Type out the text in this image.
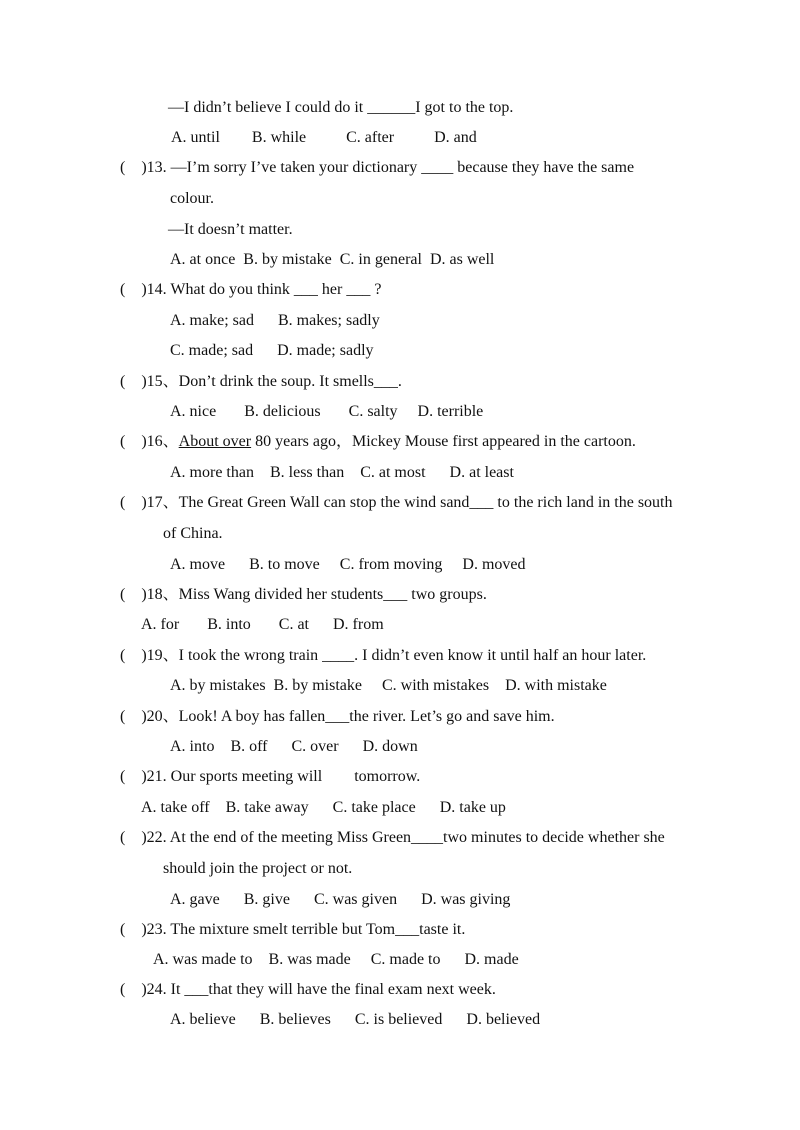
—I didn’t believe I could do it ______I got to the top.
A. until        B. while          C. after          D. and
(    )13. —I’m sorry I’ve taken your dictionary ____ because they have the same
colour.
—It doesn’t matter.
A. at once  B. by mistake  C. in general  D. as well
(    )14. What do you think ___ her ___ ?
A. make; sad      B. makes; sadly
C. made; sad      D. made; sadly
(    )15、Don’t drink the soup. It smells___.
A. nice       B. delicious       C. salty     D. terrible
(    )16、About over 80 years ago，Mickey Mouse first appeared in the cartoon.
A. more than    B. less than    C. at most      D. at least
(    )17、The Great Green Wall can stop the wind sand___ to the rich land in the south
of China.
A. move      B. to move     C. from moving     D. moved
(    )18、Miss Wang divided her students___ two groups.
A. for       B. into       C. at      D. from
(    )19、I took the wrong train ____. I didn’t even know it until half an hour later.
A. by mistakes  B. by mistake     C. with mistakes    D. with mistake
(    )20、Look! A boy has fallen___the river. Let’s go and save him.
A. into    B. off      C. over      D. down
(    )21. Our sports meeting will        tomorrow.
A. take off    B. take away      C. take place      D. take up
(    )22. At the end of the meeting Miss Green____two minutes to decide whether she
should join the project or not.
A. gave      B. give      C. was given      D. was giving
(    )23. The mixture smelt terrible but Tom___taste it.
A. was made to    B. was made     C. made to      D. made
(    )24. It ___that they will have the final exam next week.
A. believe      B. believes      C. is believed      D. believed
